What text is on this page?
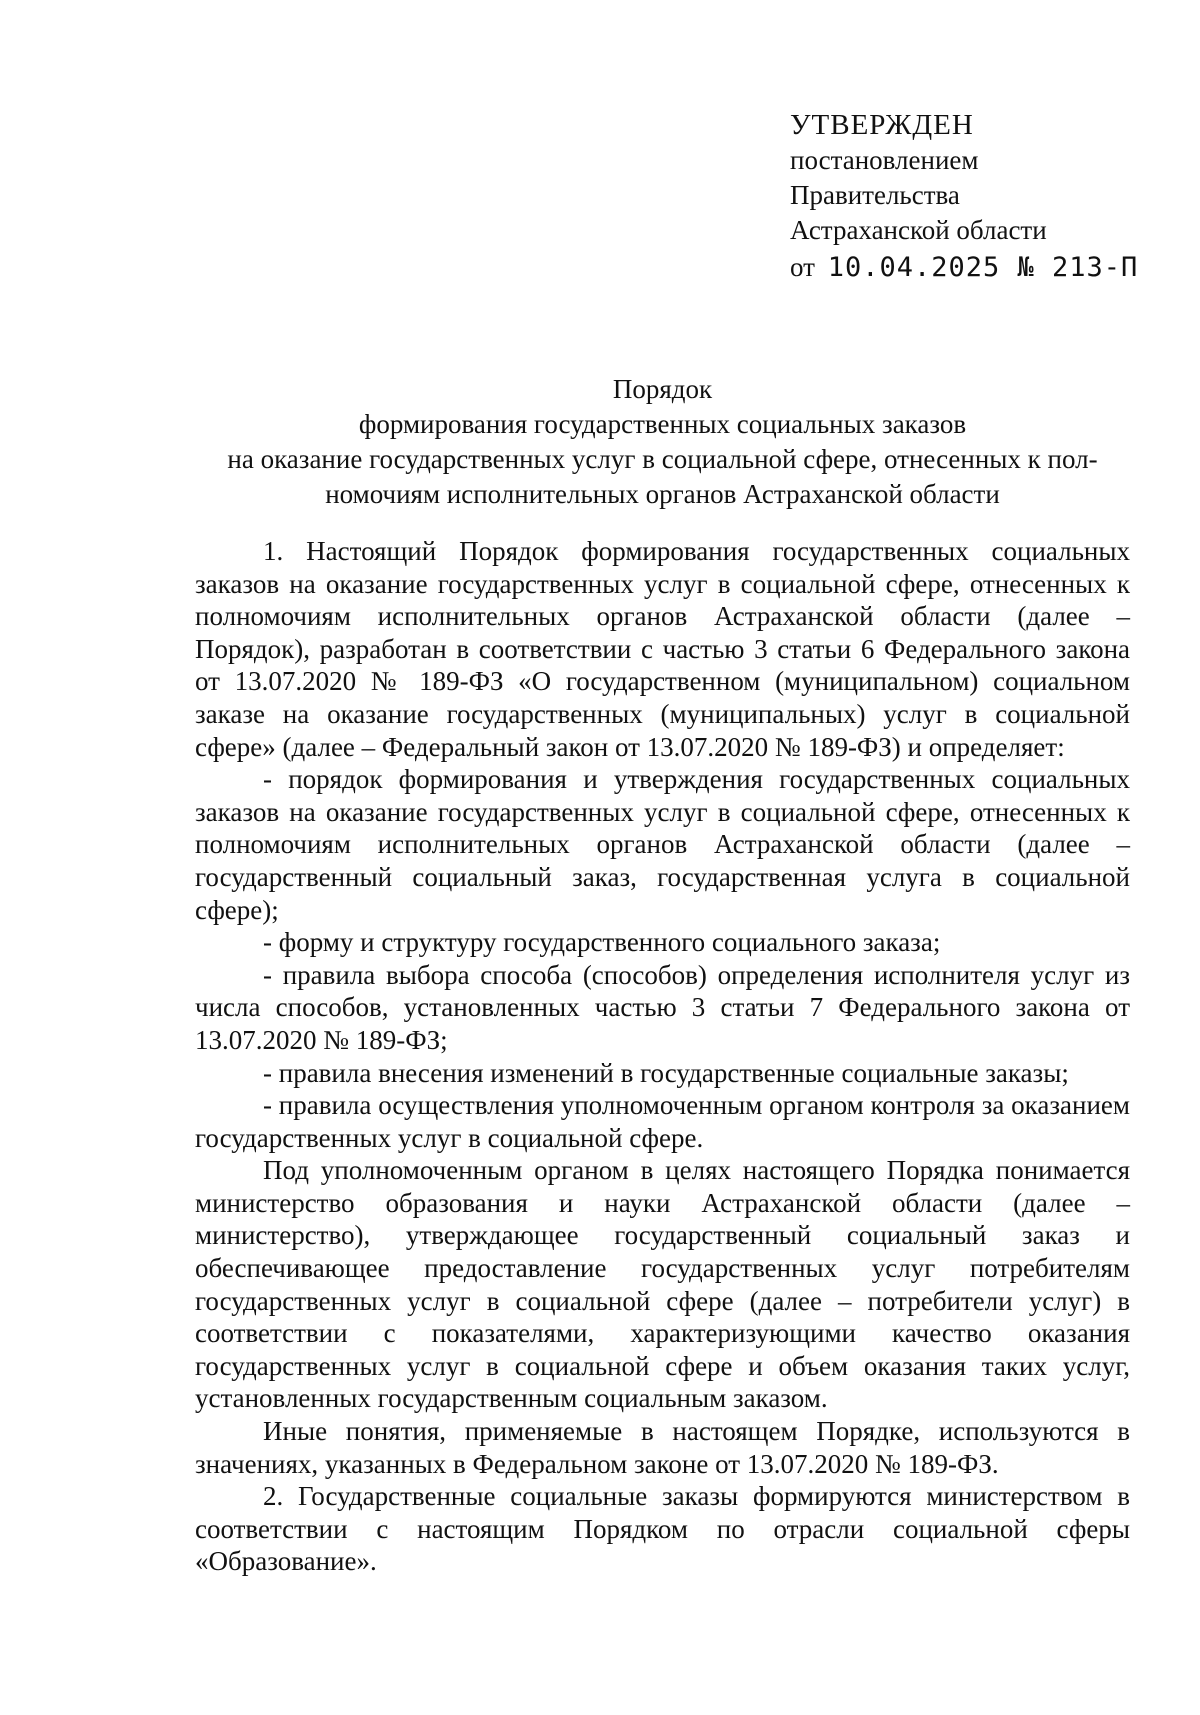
УТВЕРЖДЕН
постановлением
Правительства
Астраханской области
от 10.04.2025 № 213-П
Порядок
формирования государственных социальных заказов
на оказание государственных услуг в социальной сфере, отнесенных к пол-
номочиям исполнительных органов Астраханской области

1. Настоящий Порядок формирования государственных социальных заказов на оказание государственных услуг в социальной сфере, отнесенных к полномочиям исполнительных органов Астраханской области (далее – Порядок), разработан в соответствии с частью 3 статьи 6 Федерального закона от 13.07.2020 № 189-ФЗ «О государственном (муниципальном) социальном заказе на оказание государственных (муниципальных) услуг в социальной сфере» (далее – Федеральный закон от 13.07.2020 № 189-ФЗ) и определяет:

- порядок формирования и утверждения государственных социальных заказов на оказание государственных услуг в социальной сфере, отнесенных к полномочиям исполнительных органов Астраханской области (далее – государственный социальный заказ, государственная услуга в социальной сфере);

- форму и структуру государственного социального заказа;

- правила выбора способа (способов) определения исполнителя услуг из числа способов, установленных частью 3 статьи 7 Федерального закона от 13.07.2020 № 189-ФЗ;

- правила внесения изменений в государственные социальные заказы;

- правила осуществления уполномоченным органом контроля за оказанием государственных услуг в социальной сфере.

Под уполномоченным органом в целях настоящего Порядка понимается министерство образования и науки Астраханской области (далее – министерство), утверждающее государственный социальный заказ и обеспечивающее предоставление государственных услуг потребителям государственных услуг в социальной сфере (далее – потребители услуг) в соответствии с показателями, характеризующими качество оказания государственных услуг в социальной сфере и объем оказания таких услуг, установленных государственным социальным заказом.

Иные понятия, применяемые в настоящем Порядке, используются в значениях, указанных в Федеральном законе от 13.07.2020 № 189-ФЗ.

2. Государственные социальные заказы формируются министерством в соответствии с настоящим Порядком по отрасли социальной сферы «Образование».
